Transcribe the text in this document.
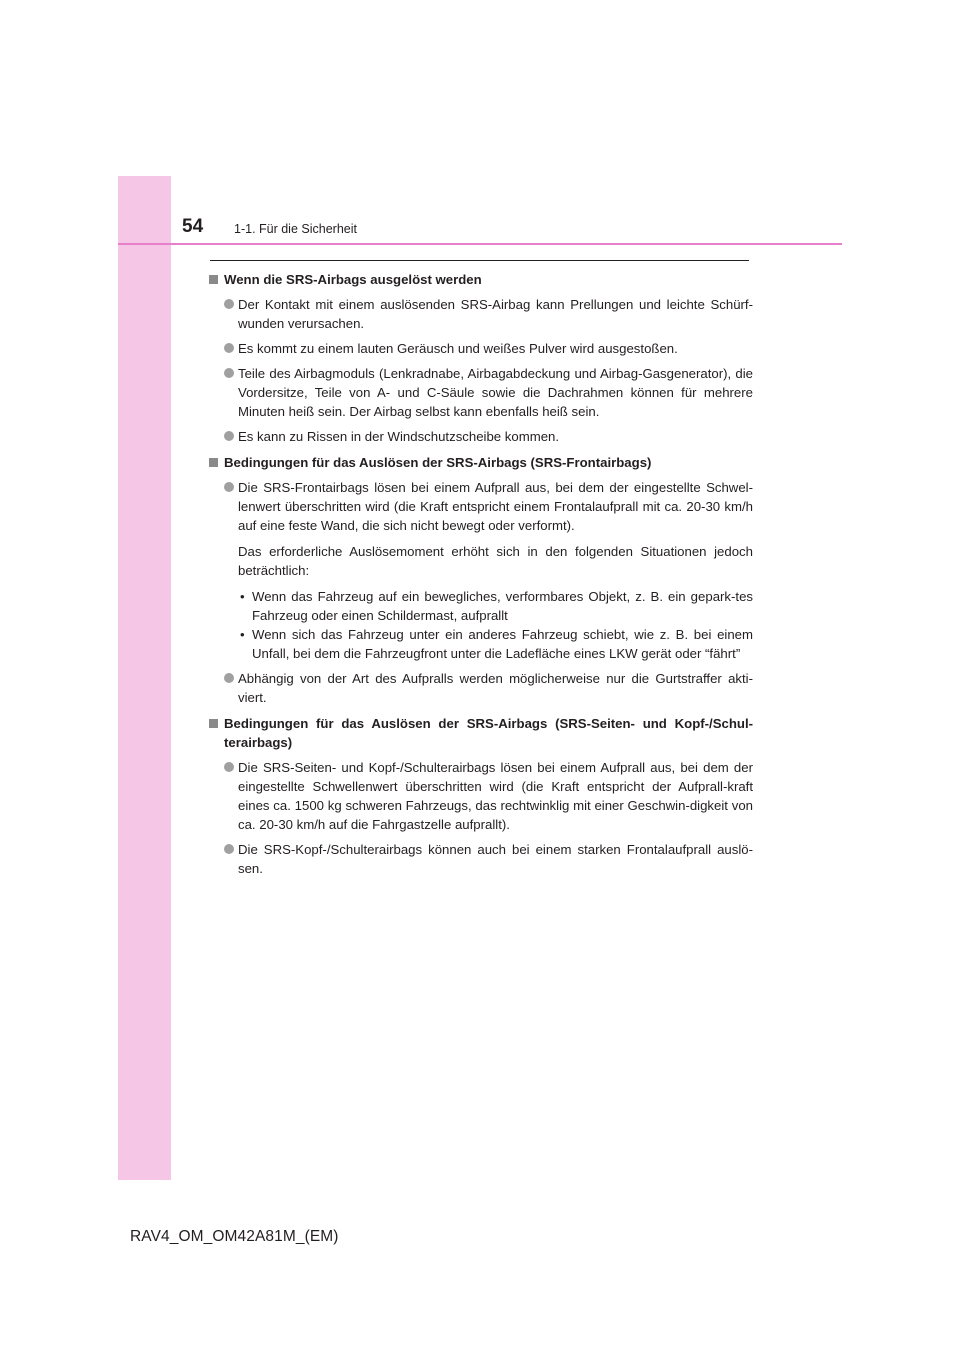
54 1-1. Für die Sicherheit
Wenn die SRS-Airbags ausgelöst werden
Der Kontakt mit einem auslösenden SRS-Airbag kann Prellungen und leichte Schürf-wunden verursachen.
Es kommt zu einem lauten Geräusch und weißes Pulver wird ausgestoßen.
Teile des Airbagmoduls (Lenkradnabe, Airbagabdeckung und Airbag-Gasgenerator), die Vordersitze, Teile von A- und C-Säule sowie die Dachrahmen können für mehrere Minuten heiß sein. Der Airbag selbst kann ebenfalls heiß sein.
Es kann zu Rissen in der Windschutzscheibe kommen.
Bedingungen für das Auslösen der SRS-Airbags (SRS-Frontairbags)
Die SRS-Frontairbags lösen bei einem Aufprall aus, bei dem der eingestellte Schwel-lenwert überschritten wird (die Kraft entspricht einem Frontalaufprall mit ca. 20-30 km/h auf eine feste Wand, die sich nicht bewegt oder verformt).
Das erforderliche Auslösemoment erhöht sich in den folgenden Situationen jedoch beträchtlich:
• Wenn das Fahrzeug auf ein bewegliches, verformbares Objekt, z. B. ein gepark-tes Fahrzeug oder einen Schildermast, aufprallt
• Wenn sich das Fahrzeug unter ein anderes Fahrzeug schiebt, wie z. B. bei einem Unfall, bei dem die Fahrzeugfront unter die Ladefläche eines LKW gerät oder “fährt”
Abhängig von der Art des Aufpralls werden möglicherweise nur die Gurtstraffer akti-viert.
Bedingungen für das Auslösen der SRS-Airbags (SRS-Seiten- und Kopf-/Schul-terairbags)
Die SRS-Seiten- und Kopf-/Schulterairbags lösen bei einem Aufprall aus, bei dem der eingestellte Schwellenwert überschritten wird (die Kraft entspricht der Aufprall-kraft eines ca. 1500 kg schweren Fahrzeugs, das rechtwinklig mit einer Geschwin-digkeit von ca. 20-30 km/h auf die Fahrgastzelle aufprallt).
Die SRS-Kopf-/Schulterairbags können auch bei einem starken Frontalaufprall auslö-sen.
RAV4_OM_OM42A81M_(EM)
